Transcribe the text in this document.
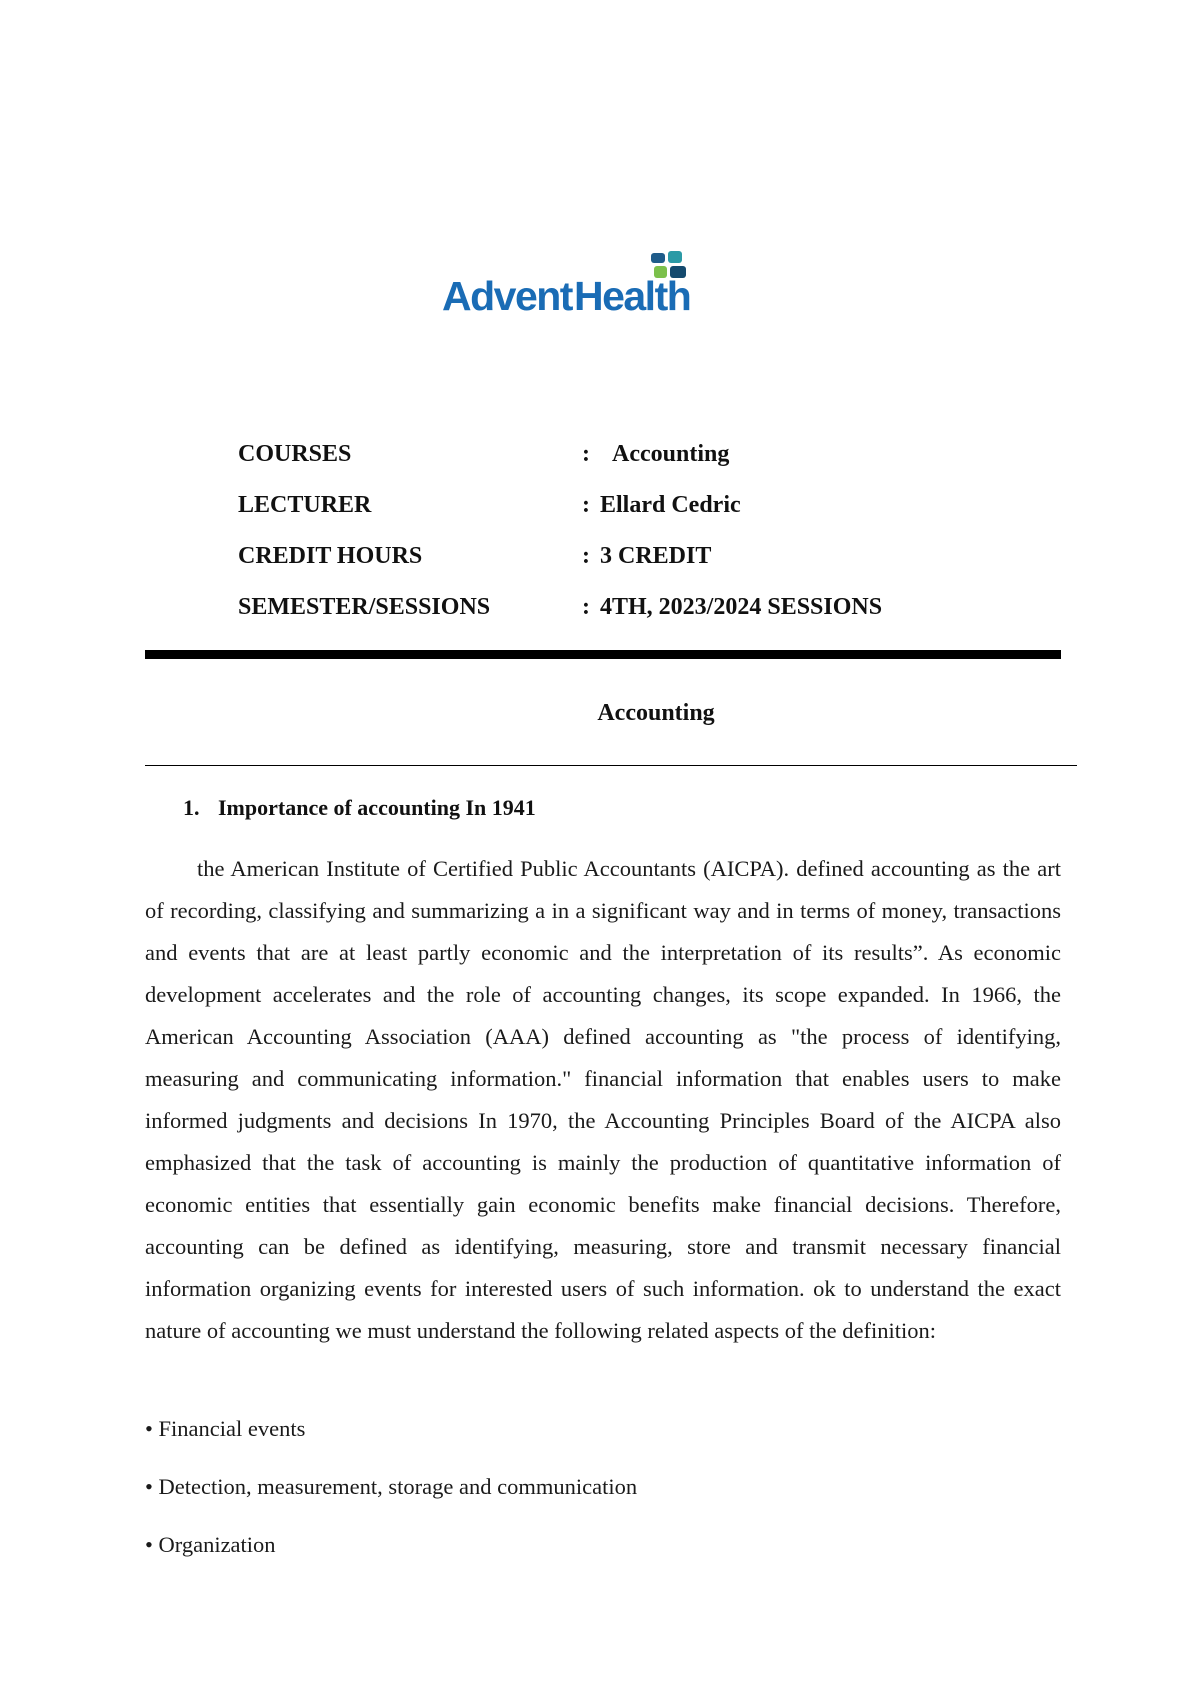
AdventHealth
COURSES	: Accounting
LECTURER	: Ellard Cedric
CREDIT HOURS	: 3 CREDIT
SEMESTER/SESSIONS	: 4TH, 2023/2024 SESSIONS
Accounting
1. Importance of accounting In 1941

the American Institute of Certified Public Accountants (AICPA). defined accounting as the art of recording, classifying and summarizing a in a significant way and in terms of money, transactions and events that are at least partly economic and the interpretation of its results”. As economic development accelerates and the role of accounting changes, its scope expanded. In 1966, the American Accounting Association (AAA) defined accounting as "the process of identifying, measuring and communicating information." financial information that enables users to make informed judgments and decisions In 1970, the Accounting Principles Board of the AICPA also emphasized that the task of accounting is mainly the production of quantitative information of economic entities that essentially gain economic benefits make financial decisions. Therefore, accounting can be defined as identifying, measuring, store and transmit necessary financial information organizing events for interested users of such information. ok to understand the exact nature of accounting we must understand the following related aspects of the definition:

• Financial events
• Detection, measurement, storage and communication
• Organization
